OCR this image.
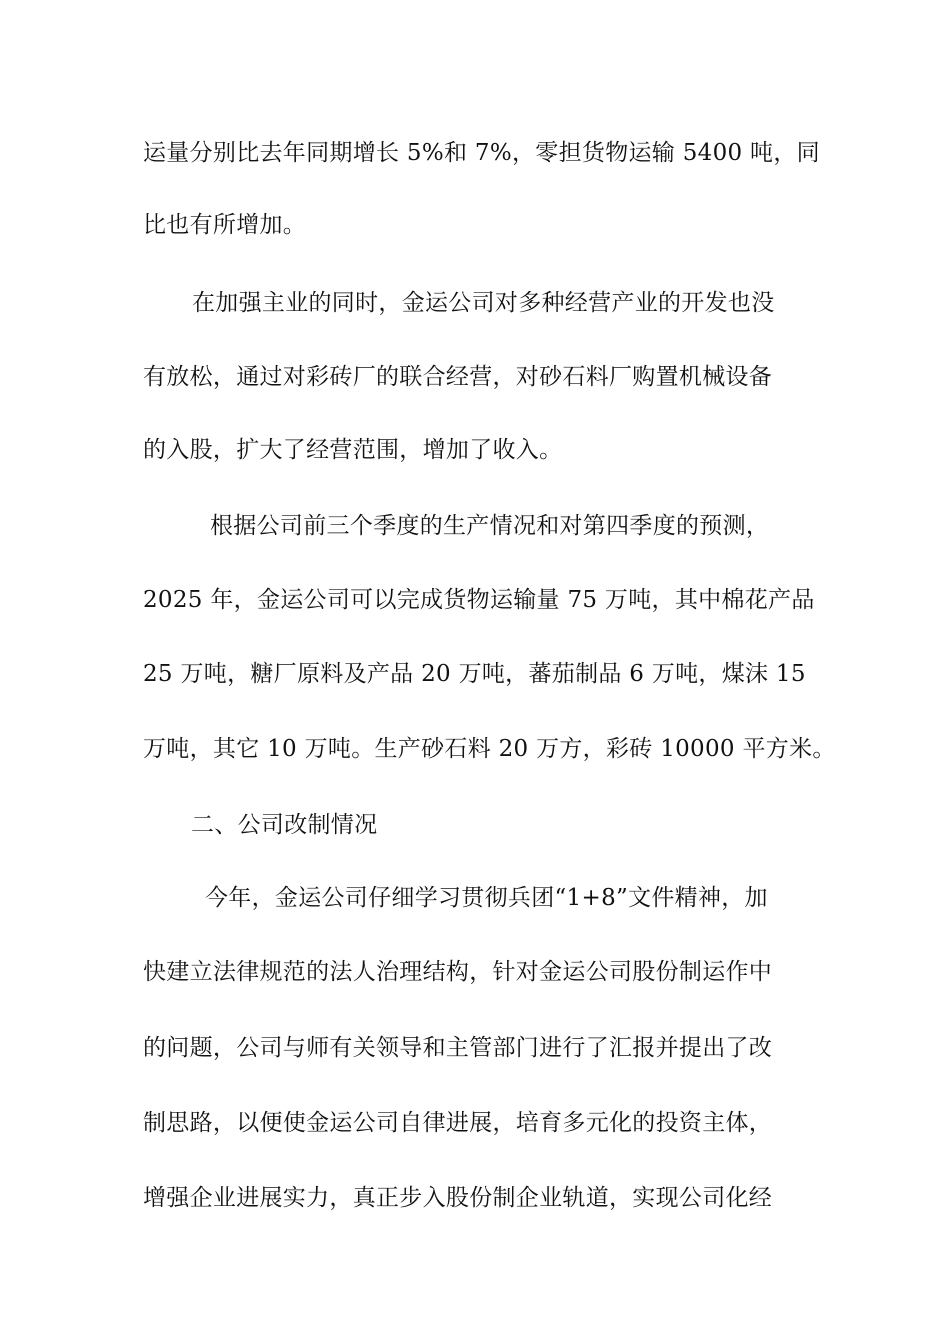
运量分别比去年同期增长 5%和 7%，零担货物运输 5400 吨，同
比也有所增加。
在加强主业的同时，金运公司对多种经营产业的开发也没
有放松，通过对彩砖厂的联合经营，对砂石料厂购置机械设备
的入股，扩大了经营范围，增加了收入。
根据公司前三个季度的生产情况和对第四季度的预测，
2025 年，金运公司可以完成货物运输量 75 万吨，其中棉花产品
25 万吨，糖厂原料及产品 20 万吨，蕃茄制品 6 万吨，煤沫 15
万吨，其它 10 万吨。生产砂石料 20 万方，彩砖 10000 平方米。
二、公司改制情况
今年，金运公司仔细学习贯彻兵团“1+8”文件精神，加
快建立法律规范的法人治理结构，针对金运公司股份制运作中
的问题，公司与师有关领导和主管部门进行了汇报并提出了改
制思路，以便使金运公司自律进展，培育多元化的投资主体，
增强企业进展实力，真正步入股份制企业轨道，实现公司化经
